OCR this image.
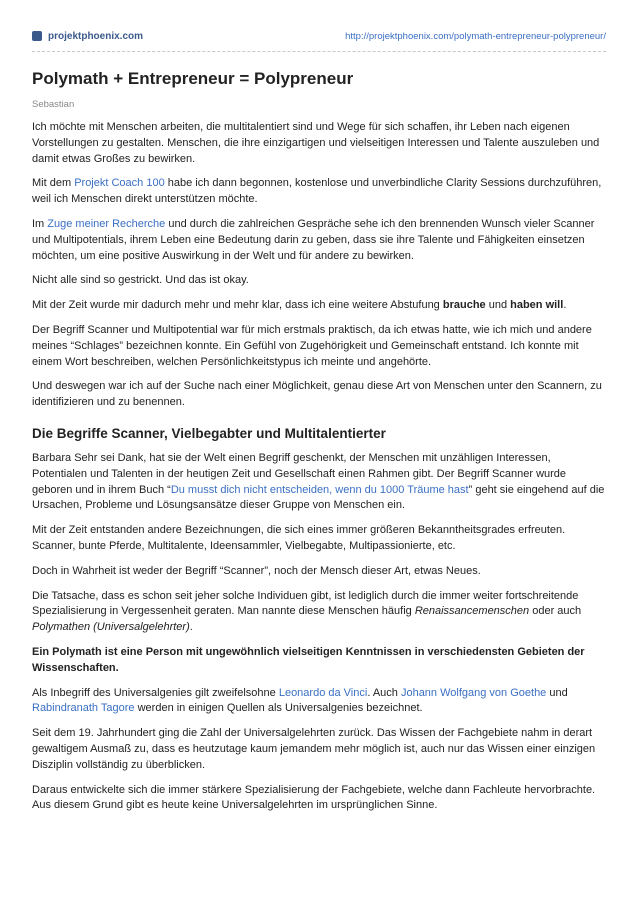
projektphoenix.com	http://projektphoenix.com/polymath-entrepreneur-polypreneur/
Polymath + Entrepreneur = Polypreneur
Sebastian

Ich möchte mit Menschen arbeiten, die multitalentiert sind und Wege für sich schaffen, ihr Leben nach eigenen Vorstellungen zu gestalten. Menschen, die ihre einzigartigen und vielseitigen Interessen und Talente auszuleben und damit etwas Großes zu bewirken.

Mit dem Projekt Coach 100 habe ich dann begonnen, kostenlose und unverbindliche Clarity Sessions durchzuführen, weil ich Menschen direkt unterstützen möchte.

Im Zuge meiner Recherche und durch die zahlreichen Gespräche sehe ich den brennenden Wunsch vieler Scanner und Multipotentials, ihrem Leben eine Bedeutung darin zu geben, dass sie ihre Talente und Fähigkeiten einsetzen möchten, um eine positive Auswirkung in der Welt und für andere zu bewirken.

Nicht alle sind so gestrickt. Und das ist okay.

Mit der Zeit wurde mir dadurch mehr und mehr klar, dass ich eine weitere Abstufung brauche und haben will.

Der Begriff Scanner und Multipotential war für mich erstmals praktisch, da ich etwas hatte, wie ich mich und andere meines “Schlages” bezeichnen konnte. Ein Gefühl von Zugehörigkeit und Gemeinschaft entstand. Ich konnte mit einem Wort beschreiben, welchen Persönlichkeitstypus ich meinte und angehörte.

Und deswegen war ich auf der Suche nach einer Möglichkeit, genau diese Art von Menschen unter den Scannern, zu identifizieren und zu benennen.

Die Begriffe Scanner, Vielbegabter und Multitalentierter

Barbara Sehr sei Dank, hat sie der Welt einen Begriff geschenkt, der Menschen mit unzähligen Interessen, Potentialen und Talenten in der heutigen Zeit und Gesellschaft einen Rahmen gibt. Der Begriff Scanner wurde geboren und in ihrem Buch “Du musst dich nicht entscheiden, wenn du 1000 Träume hast” geht sie eingehend auf die Ursachen, Probleme und Lösungsansätze dieser Gruppe von Menschen ein.

Mit der Zeit entstanden andere Bezeichnungen, die sich eines immer größeren Bekanntheitsgrades erfreuten. Scanner, bunte Pferde, Multitalente, Ideensammler, Vielbegabte, Multipassionierte, etc.

Doch in Wahrheit ist weder der Begriff “Scanner”, noch der Mensch dieser Art, etwas Neues.

Die Tatsache, dass es schon seit jeher solche Individuen gibt, ist lediglich durch die immer weiter fortschreitende Spezialisierung in Vergessenheit geraten. Man nannte diese Menschen häufig Renaissancemenschen oder auch Polymathen (Universalgelehrter).

Ein Polymath ist eine Person mit ungewöhnlich vielseitigen Kenntnissen in verschiedensten Gebieten der Wissenschaften.

Als Inbegriff des Universalgenies gilt zweifelsohne Leonardo da Vinci. Auch Johann Wolfgang von Goethe und Rabindranath Tagore werden in einigen Quellen als Universalgenies bezeichnet.

Seit dem 19. Jahrhundert ging die Zahl der Universalgelehrten zurück. Das Wissen der Fachgebiete nahm in derart gewaltigem Ausmaß zu, dass es heutzutage kaum jemandem mehr möglich ist, auch nur das Wissen einer einzigen Disziplin vollständig zu überblicken.

Daraus entwickelte sich die immer stärkere Spezialisierung der Fachgebiete, welche dann Fachleute hervorbrachte. Aus diesem Grund gibt es heute keine Universalgelehrten im ursprünglichen Sinne.
